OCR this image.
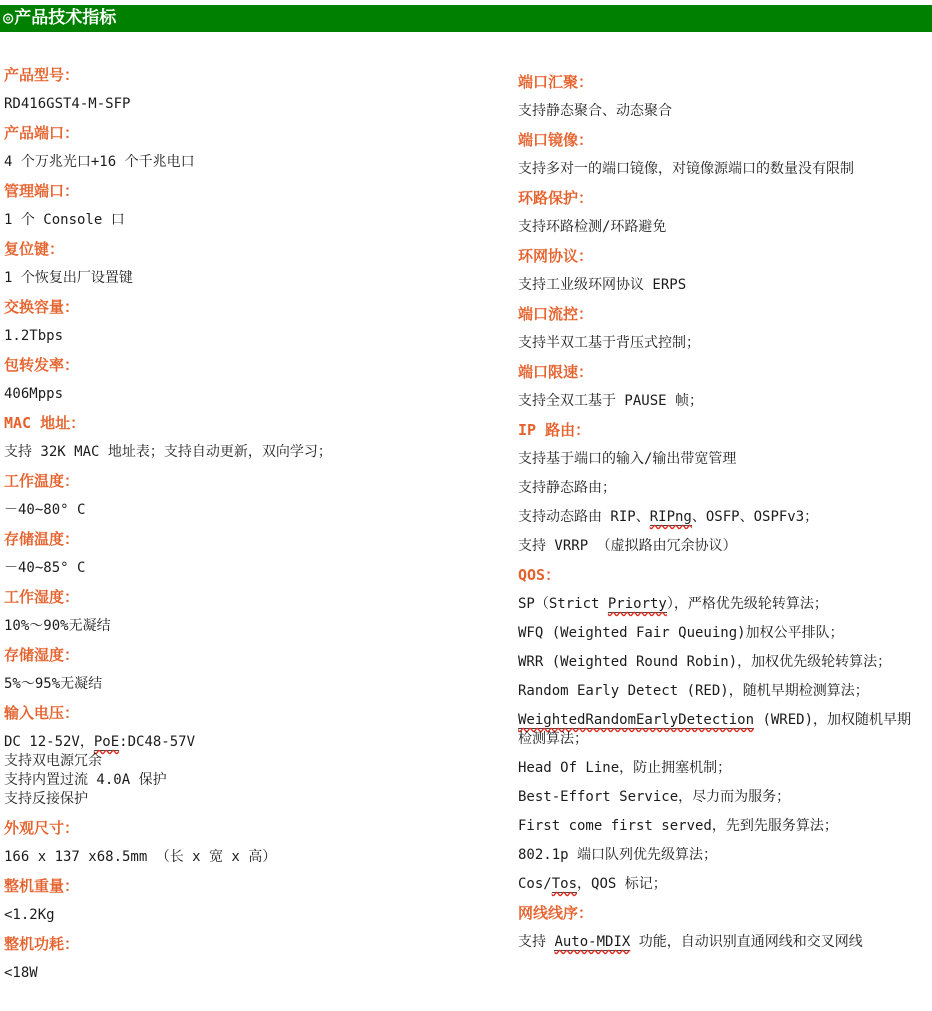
◎产品技术指标
产品型号：

RD416GST4-M-SFP

产品端口：

4 个万兆光口+16 个千兆电口

管理端口：

1 个 Console 口

复位键：

1 个恢复出厂设置键

交换容量：

1.2Tbps

包转发率：

406Mpps

MAC 地址：

支持 32K MAC 地址表；支持自动更新，双向学习；

工作温度：

－40~80° C

存储温度：

－40~85° C

工作湿度：

10%～90%无凝结

存储湿度：

5%～95%无凝结

输入电压：

DC 12-52V，PoE:DC48-57V
支持双电源冗余
支持内置过流 4.0A 保护
支持反接保护

外观尺寸：

166 x 137 x68.5mm （长 x 宽 x 高）

整机重量：

<1.2Kg

整机功耗：

<18W

端口汇聚：

支持静态聚合、动态聚合

端口镜像：

支持多对一的端口镜像，对镜像源端口的数量没有限制

环路保护：

支持环路检测/环路避免

环网协议：

支持工业级环网协议 ERPS

端口流控：

支持半双工基于背压式控制；

端口限速：

支持全双工基于 PAUSE 帧；

IP 路由：

支持基于端口的输入/输出带宽管理

支持静态路由；

支持动态路由 RIP、RIPng、OSFP、OSPFv3；

支持 VRRP （虚拟路由冗余协议）

QOS：

SP（Strict Priorty），严格优先级轮转算法；

WFQ (Weighted Fair Queuing)加权公平排队；

WRR (Weighted Round Robin)，加权优先级轮转算法；

Random Early Detect (RED)，随机早期检测算法；

WeightedRandomEarlyDetection (WRED)，加权随机早期
检测算法；

Head Of Line，防止拥塞机制；

Best-Effort Service，尽力而为服务；

First come first served，先到先服务算法；

802.1p 端口队列优先级算法；

Cos/Tos，QOS 标记；

网线线序：

支持 Auto-MDIX 功能，自动识别直通网线和交叉网线
